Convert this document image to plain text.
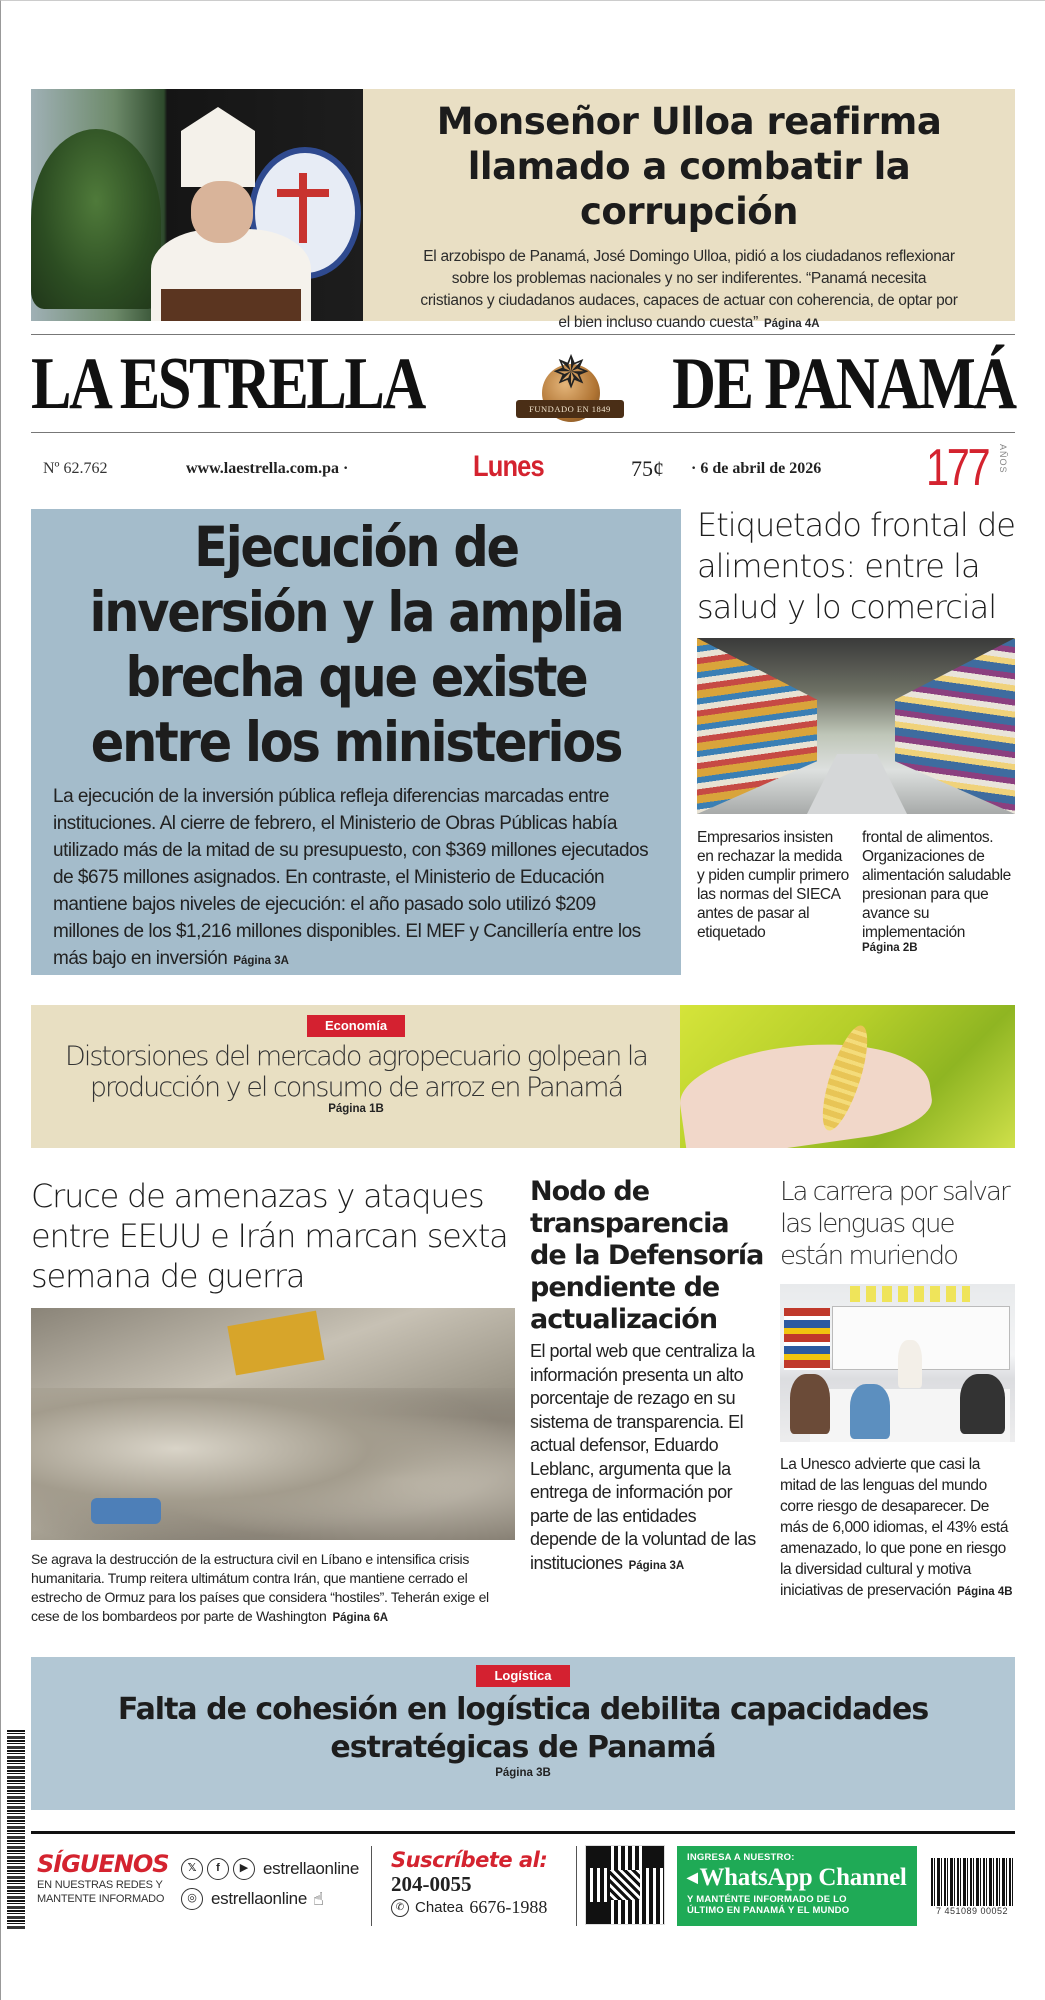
Monseñor Ulloa reafirma llamado a combatir la corrupción

El arzobispo de Panamá, José Domingo Ulloa, pidió a los ciudadanos reflexionar sobre los problemas nacionales y no ser indiferentes. “Panamá necesita cristianos y ciudadanos audaces, capaces de actuar con coherencia, de optar por el bien incluso cuando cuesta” Página 4A

LA ESTRELLA	✵
FUNDADO EN 1849 DE PANAMÁ
Nº 62.762	www.laestrella.com.pa ·	Lunes	75¢ · 6 de abril de 2026 177 AÑOS
Ejecución de inversión y la amplia brecha que existe entre los ministerios

La ejecución de la inversión pública refleja diferencias marcadas entre instituciones. Al cierre de febrero, el Ministerio de Obras Públicas había utilizado más de la mitad de su presupuesto, con $369 millones ejecutados de $675 millones asignados. En contraste, el Ministerio de Educación mantiene bajos niveles de ejecución: el año pasado solo utilizó $209 millones de los $1,216 millones disponibles. El MEF y Cancillería entre los más bajo en inversión Página 3A

Etiquetado frontal de alimentos: entre la salud y lo comercial
Empresarios insisten en rechazar la medida y piden cumplir primero las normas del SIECA antes de pasar al etiquetado
frontal de alimentos. Organizaciones de alimentación saludable presionan para que avance su implementación
Página 2B
Economía
Distorsiones del mercado agropecuario golpean la producción y el consumo de arroz en Panamá
Página 1B
Cruce de amenazas y ataques entre EEUU e Irán marcan sexta semana de guerra

Se agrava la destrucción de la estructura civil en Líbano e intensifica crisis humanitaria. Trump reitera ultimátum contra Irán, que mantiene cerrado el estrecho de Ormuz para los países que considera “hostiles”. Teherán exige el cese de los bombardeos por parte de Washington Página 6A

Nodo de transparencia de la Defensoría pendiente de actualización

El portal web que centraliza la información presenta un alto porcentaje de rezago en su sistema de transparencia. El actual defensor, Eduardo Leblanc, argumenta que la entrega de información por parte de las entidades depende de la voluntad de las instituciones Página 3A

La carrera por salvar las lenguas que están muriendo

La Unesco advierte que casi la mitad de las lenguas del mundo corre riesgo de desaparecer. De más de 6,000 idiomas, el 43% está amenazado, lo que pone en riesgo la diversidad cultural y motiva iniciativas de preservación Página 4B

Logística
Falta de cohesión en logística debilita capacidades estratégicas de Panamá
Página 3B
SÍGUENOS
EN NUESTRAS REDES Y
MANTENTE INFORMADO
𝕏	f	▶ estrellaonline
◎ estrellaonline ☝
Suscríbete al:
204-0055
✆ Chatea 6676-1988
INGRESA A NUESTRO:
◀ WhatsApp Channel
Y MANTÉNTE INFORMADO DE LO
ÚLTIMO EN PANAMÁ Y EL MUNDO	7 451089 00052
